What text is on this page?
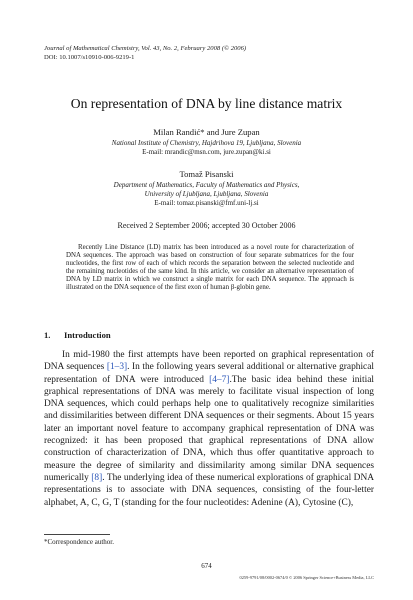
Journal of Mathematical Chemistry, Vol. 43, No. 2, February 2008 (© 2006)
DOI: 10.1007/s10910-006-9219-1
On representation of DNA by line distance matrix
Milan Randić* and Jure Zupan
National Institute of Chemistry, Hajdrihova 19, Ljubljana, Slovenia
E-mail: mrandic@msn.com, jure.zupan@ki.si
Tomaž Pisanski
Department of Mathematics, Faculty of Mathematics and Physics,
University of Ljubljana, Ljubljana, Slovenia
E-mail: tomaz.pisanski@fmf.uni-lj.si
Received 2 September 2006; accepted 30 October 2006
Recently Line Distance (LD) matrix has been introduced as a novel route for characterization of DNA sequences. The approach was based on construction of four separate submatrices for the four nucleotides, the first row of each of which records the separation between the selected nucleotide and the remaining nucleotides of the same kind. In this article, we consider an alternative representation of DNA by LD matrix in which we construct a single matrix for each DNA sequence. The approach is illustrated on the DNA sequence of the first exon of human β-globin gene.
1. Introduction
In mid-1980 the first attempts have been reported on graphical representation of DNA sequences [1–3]. In the following years several additional or alternative graphical representation of DNA were introduced [4–7].The basic idea behind these initial graphical representations of DNA was merely to facilitate visual inspection of long DNA sequences, which could perhaps help one to qualitatively recognize similarities and dissimilarities between different DNA sequences or their segments. About 15 years later an important novel feature to accompany graphical representation of DNA was recognized: it has been proposed that graphical representations of DNA allow construction of characterization of DNA, which thus offer quantitative approach to measure the degree of similarity and dissimilarity among similar DNA sequences numerically [8]. The underlying idea of these numerical explorations of graphical DNA representations is to associate with DNA sequences, consisting of the four-letter alphabet, A, C, G, T (standing for the four nucleotides: Adenine (A), Cytosine (C),
*Correspondence author.
674
0259-9791/08/0002-0674/0 © 2006 Springer Science+Business Media, LLC
